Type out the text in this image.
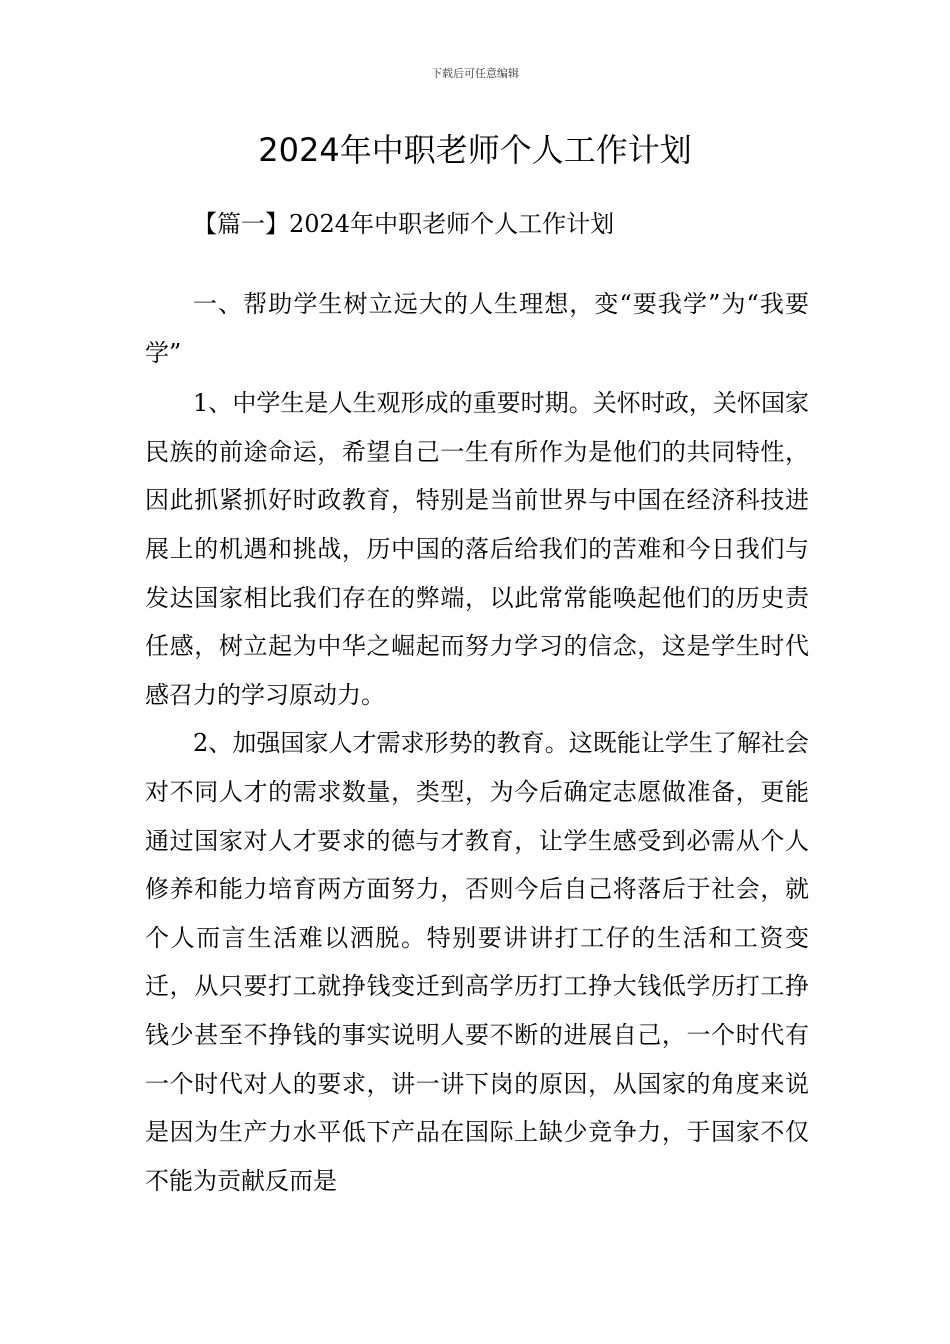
下载后可任意编辑
2024年中职老师个人工作计划
【篇一】2024年中职老师个人工作计划

一、帮助学生树立远大的人生理想，变“要我学”为“我要学”

1、中学生是人生观形成的重要时期。关怀时政，关怀国家民族的前途命运，希望自己一生有所作为是他们的共同特性，因此抓紧抓好时政教育，特别是当前世界与中国在经济科技进展上的机遇和挑战，历中国的落后给我们的苦难和今日我们与发达国家相比我们存在的弊端，以此常常能唤起他们的历史责任感，树立起为中华之崛起而努力学习的信念，这是学生时代感召力的学习原动力。

2、加强国家人才需求形势的教育。这既能让学生了解社会对不同人才的需求数量，类型，为今后确定志愿做准备，更能通过国家对人才要求的德与才教育，让学生感受到必需从个人修养和能力培育两方面努力，否则今后自己将落后于社会，就个人而言生活难以洒脱。特别要讲讲打工仔的生活和工资变迁，从只要打工就挣钱变迁到高学历打工挣大钱低学历打工挣钱少甚至不挣钱的事实说明人要不断的进展自己，一个时代有一个时代对人的要求，讲一讲下岗的原因，从国家的角度来说是因为生产力水平低下产品在国际上缺少竞争力，于国家不仅不能为贡献反而是
